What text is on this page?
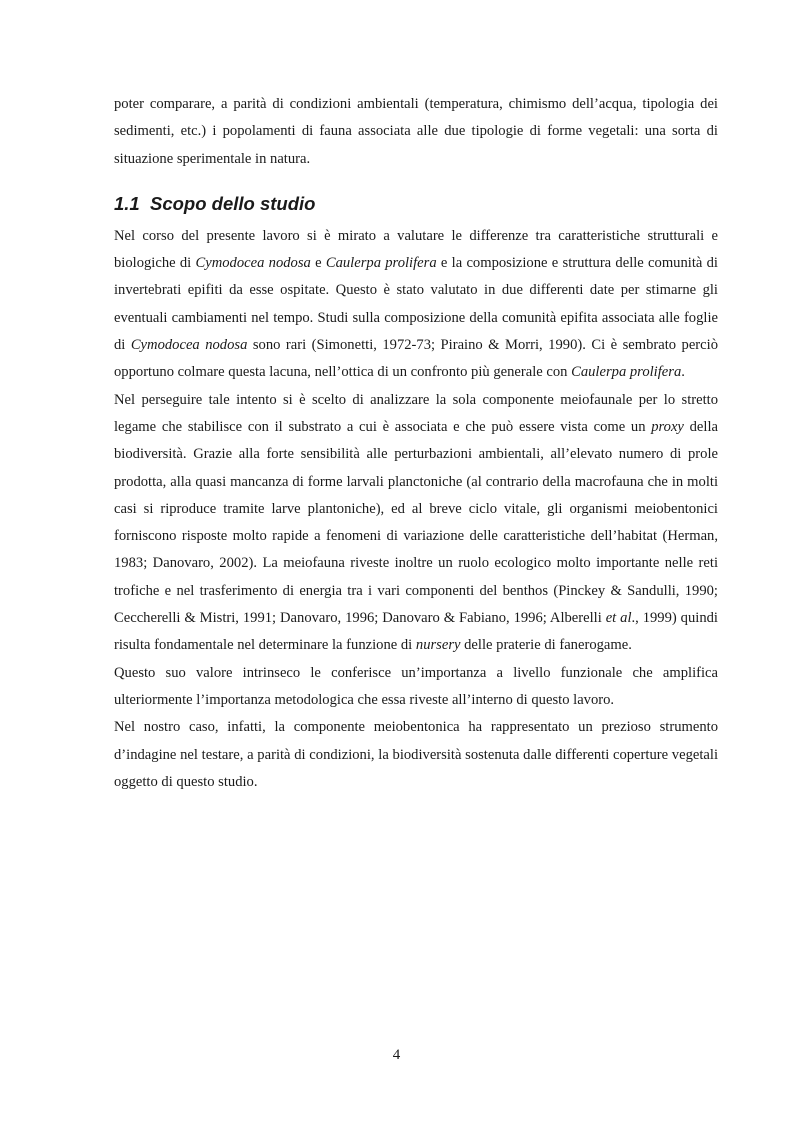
poter comparare, a parità di condizioni ambientali (temperatura, chimismo dell’acqua, tipologia dei sedimenti, etc.) i popolamenti di fauna associata alle due tipologie di forme vegetali: una sorta di situazione sperimentale in natura.

1.1 Scopo dello studio

Nel corso del presente lavoro si è mirato a valutare le differenze tra caratteristiche strutturali e biologiche di Cymodocea nodosa e Caulerpa prolifera e la composizione e struttura delle comunità di invertebrati epifiti da esse ospitate. Questo è stato valutato in due differenti date per stimarne gli eventuali cambiamenti nel tempo. Studi sulla composizione della comunità epifita associata alle foglie di Cymodocea nodosa sono rari (Simonetti, 1972-73; Piraino & Morri, 1990). Ci è sembrato perciò opportuno colmare questa lacuna, nell’ottica di un confronto più generale con Caulerpa prolifera.

Nel perseguire tale intento si è scelto di analizzare la sola componente meiofaunale per lo stretto legame che stabilisce con il substrato a cui è associata e che può essere vista come un proxy della biodiversità. Grazie alla forte sensibilità alle perturbazioni ambientali, all’elevato numero di prole prodotta, alla quasi mancanza di forme larvali planctoniche (al contrario della macrofauna che in molti casi si riproduce tramite larve plantoniche), ed al breve ciclo vitale, gli organismi meiobentonici forniscono risposte molto rapide a fenomeni di variazione delle caratteristiche dell’habitat (Herman, 1983; Danovaro, 2002). La meiofauna riveste inoltre un ruolo ecologico molto importante nelle reti trofiche e nel trasferimento di energia tra i vari componenti del benthos (Pinckey & Sandulli, 1990; Ceccherelli & Mistri, 1991; Danovaro, 1996; Danovaro & Fabiano, 1996; Alberelli et al., 1999) quindi risulta fondamentale nel determinare la funzione di nursery delle praterie di fanerogame.

Questo suo valore intrinseco le conferisce un’importanza a livello funzionale che amplifica ulteriormente l’importanza metodologica che essa riveste all’interno di questo lavoro.

Nel nostro caso, infatti, la componente meiobentonica ha rappresentato un prezioso strumento d’indagine nel testare, a parità di condizioni, la biodiversità sostenuta dalle differenti coperture vegetali oggetto di questo studio.

4
